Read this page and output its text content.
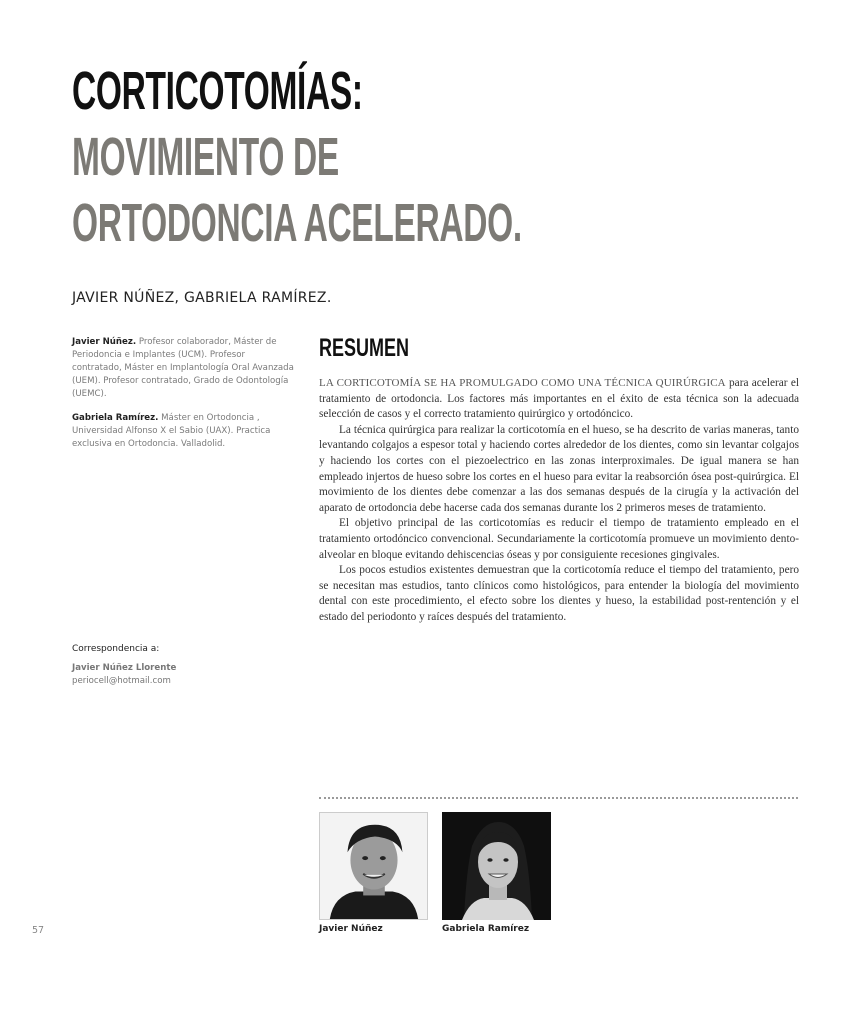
CORTICOTOMÍAS:
MOVIMIENTO DE
ORTODONCIA ACELERADO.

JAVIER NÚÑEZ, GABRIELA RAMÍREZ.

Javier Núñez. Profesor colaborador, Máster de Periodoncia e Implantes (UCM). Profesor contratado, Máster en Implantología Oral Avanzada (UEM). Profesor contratado, Grado de Odontología (UEMC).

Gabriela Ramírez. Máster en Ortodoncia , Universidad Alfonso X el Sabio (UAX). Practica exclusiva en Ortodoncia. Valladolid.

Correspondencia a:

Javier Núñez Llorente

periocell@hotmail.com

RESUMEN

LA CORTICOTOMÍA SE HA PROMULGADO COMO UNA TÉCNICA QUIRÚRGICA para acelerar el tratamiento de ortodoncia. Los factores más importantes en el éxito de esta técnica son la adecuada selección de casos y el correcto tratamiento quirúrgico y ortodóncico.

La técnica quirúrgica para realizar la corticotomía en el hueso, se ha descrito de varias maneras, tanto levantando colgajos a espesor total y haciendo cortes alrededor de los dientes, como sin levantar colgajos y haciendo los cortes con el piezoelectrico en las zonas interproximales. De igual manera se han empleado injertos de hueso sobre los cortes en el hueso para evitar la reabsorción ósea post-quirúrgica. El movimiento de los dientes debe comenzar a las dos semanas después de la cirugía y la activación del aparato de ortodoncia debe hacerse cada dos semanas durante los 2 primeros meses de tratamiento.

El objetivo principal de las corticotomías es reducir el tiempo de tratamiento empleado en el tratamiento ortodóncico convencional. Secundariamente la corticotomía promueve un movimiento dento-alveolar en bloque evitando dehiscencias óseas y por consiguiente recesiones gingivales.

Los pocos estudios existentes demuestran que la corticotomía reduce el tiempo del tratamiento, pero se necesitan mas estudios, tanto clínicos como histológicos, para entender la biología del movimiento dental con este procedimiento, el efecto sobre los dientes y hueso, la estabilidad post-rentención y el estado del periodonto y raíces después del tratamiento.

Javier Núñez	Gabriela Ramírez

57
